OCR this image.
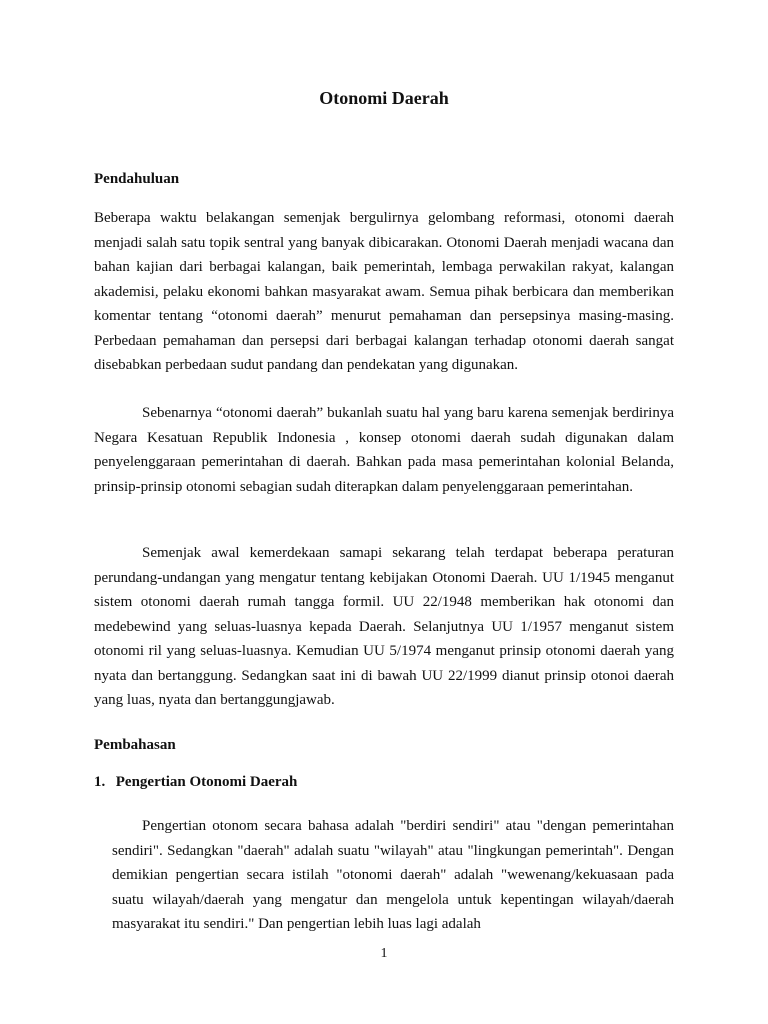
Otonomi Daerah
Pendahuluan

Beberapa waktu belakangan semenjak bergulirnya gelombang reformasi, otonomi daerah menjadi salah satu topik sentral yang banyak dibicarakan. Otonomi Daerah menjadi wacana dan bahan kajian dari berbagai kalangan, baik pemerintah, lembaga perwakilan rakyat, kalangan akademisi, pelaku ekonomi bahkan masyarakat awam. Semua pihak berbicara dan memberikan komentar tentang “otonomi daerah” menurut pemahaman dan persepsinya masing-masing. Perbedaan pemahaman dan persepsi dari berbagai kalangan terhadap otonomi daerah sangat disebabkan perbedaan sudut pandang dan pendekatan yang digunakan.

Sebenarnya “otonomi daerah” bukanlah suatu hal yang baru karena semenjak berdirinya Negara Kesatuan Republik Indonesia , konsep otonomi daerah sudah digunakan dalam penyelenggaraan pemerintahan di daerah. Bahkan pada masa pemerintahan kolonial Belanda, prinsip-prinsip otonomi sebagian sudah diterapkan dalam penyelenggaraan pemerintahan.

Semenjak awal kemerdekaan samapi sekarang telah terdapat beberapa peraturan perundang-undangan yang mengatur tentang kebijakan Otonomi Daerah. UU 1/1945 menganut sistem otonomi daerah rumah tangga formil. UU 22/1948 memberikan hak otonomi dan medebewind yang seluas-luasnya kepada Daerah. Selanjutnya UU 1/1957 menganut sistem otonomi ril yang seluas-luasnya. Kemudian UU 5/1974 menganut prinsip otonomi daerah yang nyata dan bertanggung. Sedangkan saat ini di bawah UU 22/1999 dianut prinsip otonoi daerah yang luas, nyata dan bertanggungjawab.

Pembahasan
1. Pengertian Otonomi Daerah

Pengertian otonom secara bahasa adalah "berdiri sendiri" atau "dengan pemerintahan sendiri". Sedangkan "daerah" adalah suatu "wilayah" atau "lingkungan pemerintah". Dengan demikian pengertian secara istilah "otonomi daerah" adalah "wewenang/kekuasaan pada suatu wilayah/daerah yang mengatur dan mengelola untuk kepentingan wilayah/daerah masyarakat itu sendiri." Dan pengertian lebih luas lagi adalah

1
